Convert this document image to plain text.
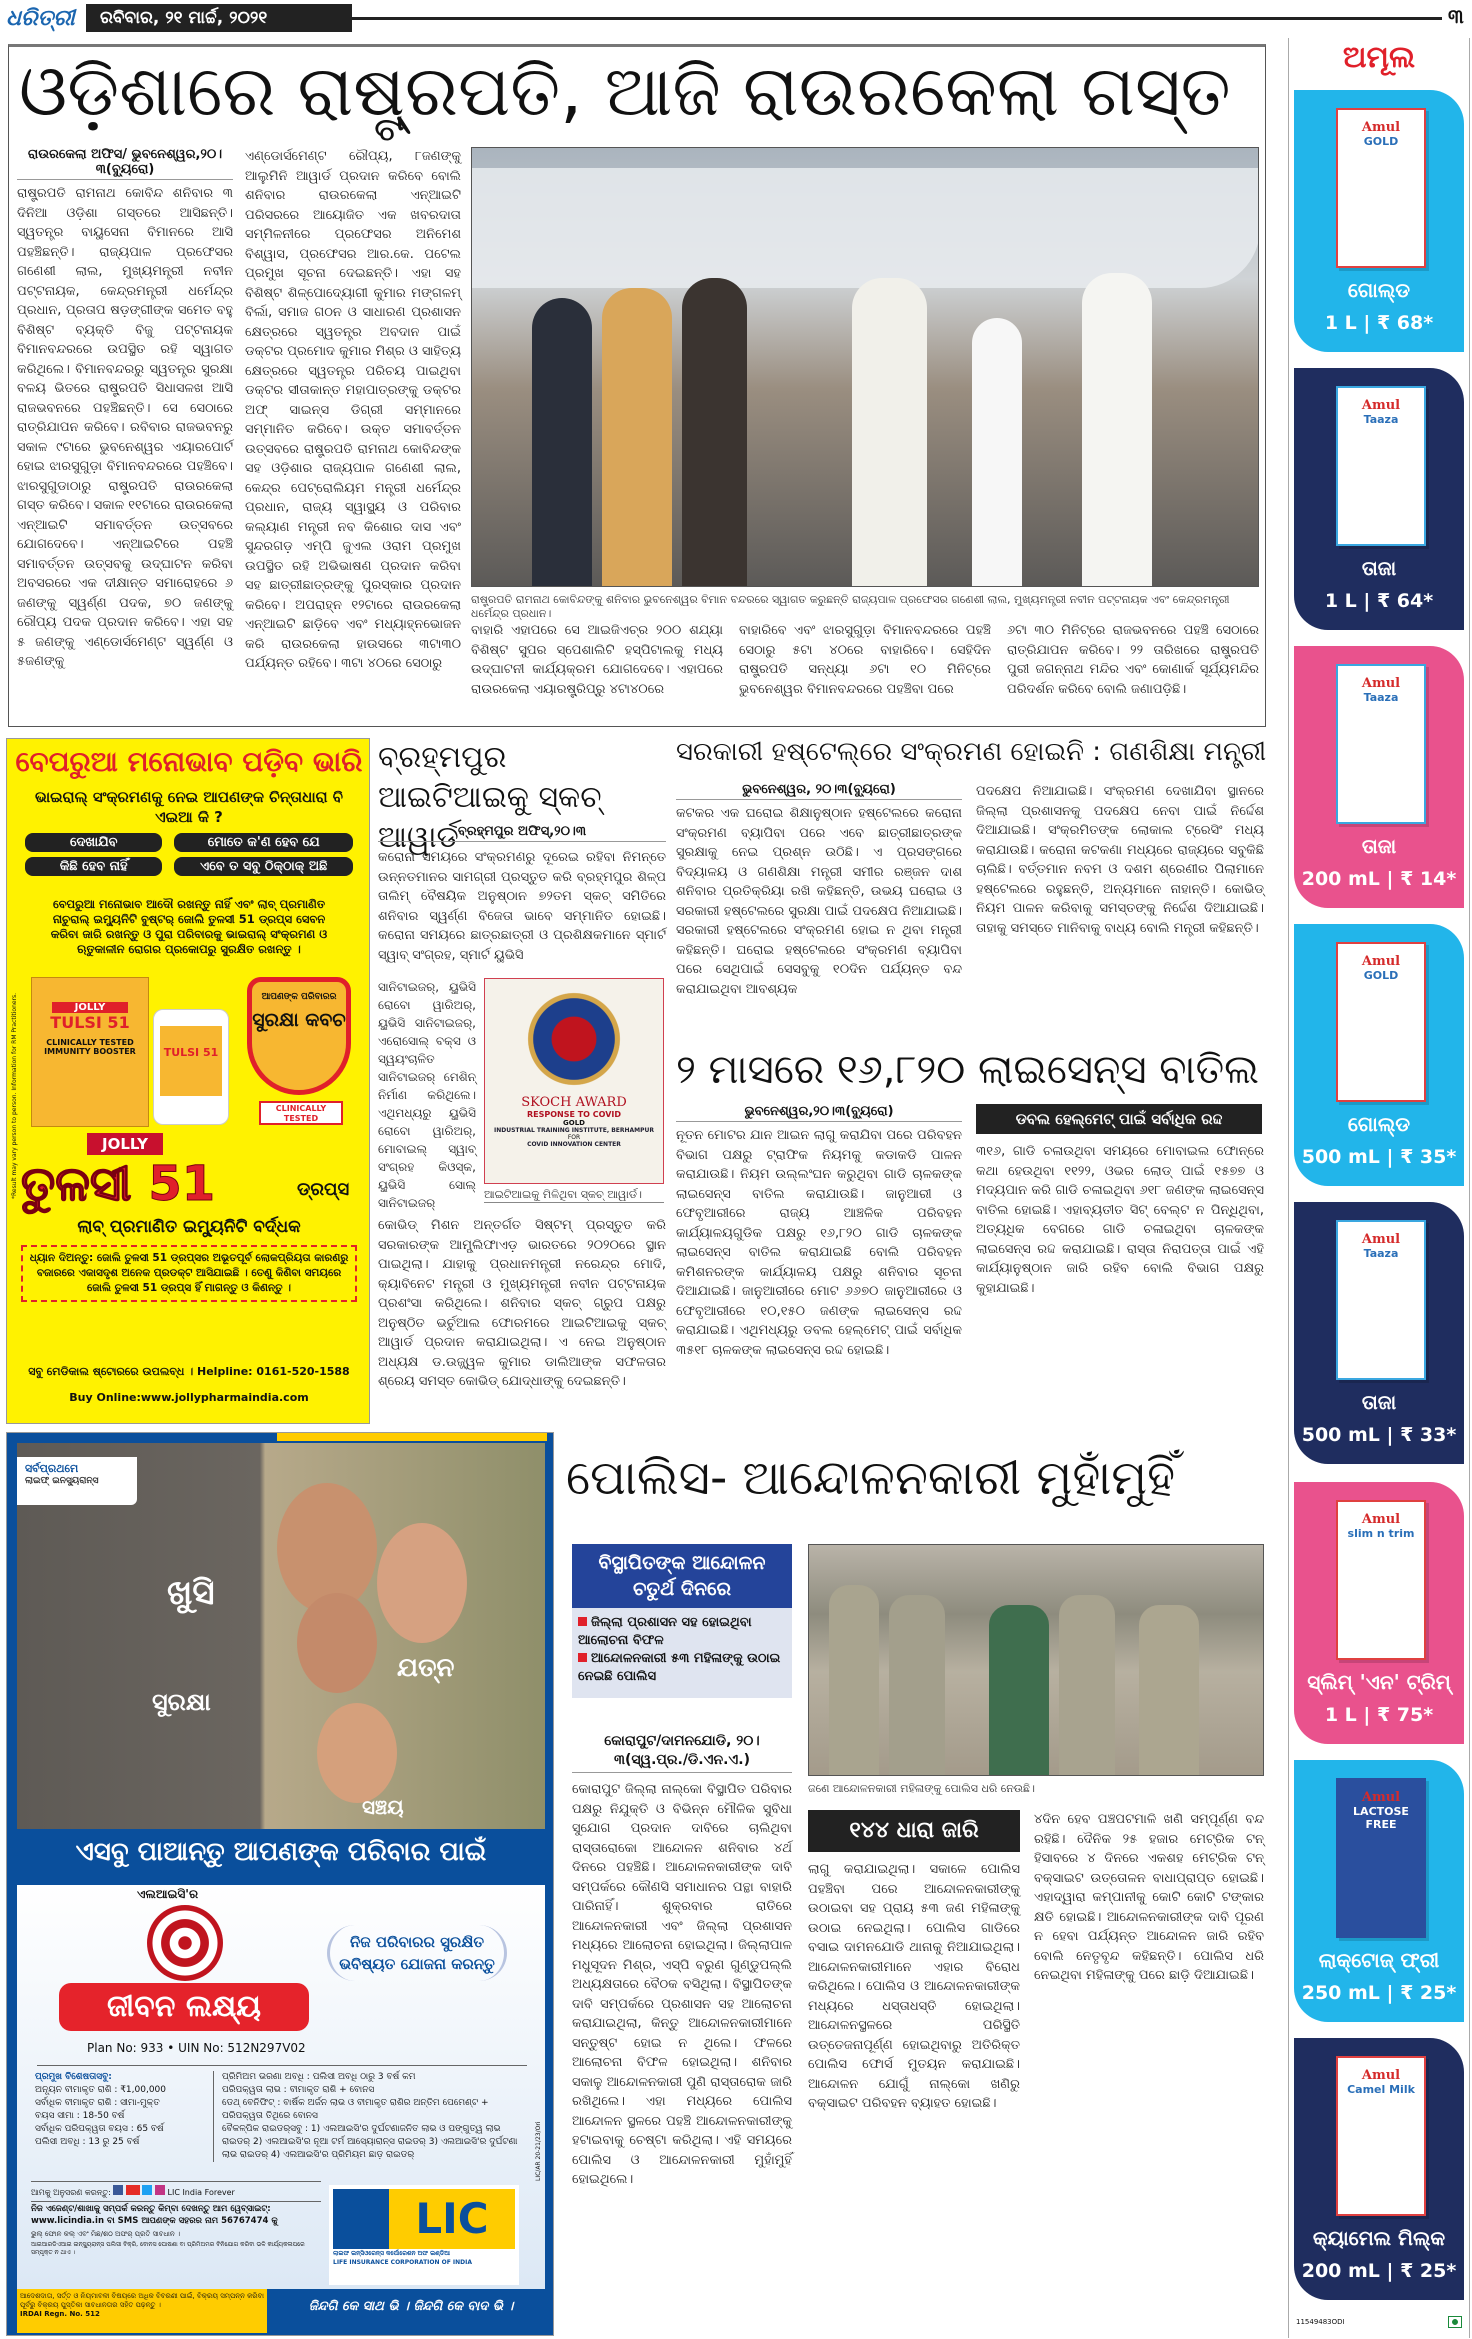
ଧରିତ୍ରୀ	ରବିବାର, ୨୧ ମାର୍ଚ୍ଚ, ୨୦୨୧	୩
ଓଡ଼ିଶାରେ ରାଷ୍ଟ୍ରପତି, ଆଜି ରାଉରକେଲା ଗସ୍ତ
ରାଉରକେଲା ଅଫିସ/ ଭୁବନେଶ୍ୱର,୨୦।୩(ବ୍ୟୁରୋ)
ରାଷ୍ଟ୍ରପତି ରାମନାଥ କୋବିନ୍ଦ ଶନିବାର ୩ ଦିନିଆ ଓଡ଼ିଶା ଗସ୍ତରେ ଆସିଛନ୍ତି। ସ୍ୱତନ୍ତ୍ର ବାୟୁସେନା ବିମାନରେ ଆସି ପହଞ୍ଚିଛନ୍ତି। ରାଜ୍ୟପାଳ ପ୍ରଫେସର ଗଣେଶୀ ଲାଲ, ମୁଖ୍ୟମନ୍ତ୍ରୀ ନବୀନ ପଟ୍ଟନାୟକ, କେନ୍ଦ୍ରମନ୍ତ୍ରୀ ଧର୍ମେନ୍ଦ୍ର ପ୍ରଧାନ, ପ୍ରତାପ ଷଡ଼ଙ୍ଗୀଙ୍କ ସମେତ ବହୁ ବିଶିଷ୍ଟ ବ୍ୟକ୍ତି ବିଜୁ ପଟ୍ଟନାୟକ ବିମାନବନ୍ଦରରେ ଉପସ୍ଥିତ ରହି ସ୍ୱାଗତ କରିଥିଲେ। ବିମାନବନ୍ଦରରୁ ସ୍ୱତନ୍ତ୍ର ସୁରକ୍ଷା ବଳୟ ଭିତରେ ରାଷ୍ଟ୍ରପତି ସିଧାସଳଖ ଆସି ରାଜଭବନରେ ପହଞ୍ଚିଛନ୍ତି। ସେ ସେଠାରେ ରାତ୍ରିଯାପନ କରିବେ। ରବିବାର ରାଜଭବନରୁ ସକାଳ ୯ଟାରେ ଭୁବନେଶ୍ୱର ଏୟାରପୋର୍ଟ ହୋଇ ଝାରସୁଗୁଡ଼ା ବିମାନବନ୍ଦରରେ ପହଞ୍ଚିବେ। ଝାରସୁଗୁଡାଠାରୁ ରାଷ୍ଟ୍ରପତି ରାଉରକେଲା ଗସ୍ତ କରିବେ। ସକାଳ ୧୧ଟାରେ ରାଉରକେଲା ଏନ୍ଆଇଟି ସମାବର୍ତ୍ତନ ଉତ୍ସବରେ ଯୋଗଦେବେ। ଏନ୍ଆଇଟିରେ ପହଞ୍ଚି ସମାବର୍ତ୍ତନ ଉତ୍ସବକୁ ଉଦ୍‌ଘାଟନ କରିବା ଅବସରରେ ଏକ ଦୀକ୍ଷାନ୍ତ ସମାରୋହରେ ୬ ଜଣଙ୍କୁ ସ୍ୱର୍ଣ୍ଣ ପଦକ, ୭୦ ଜଣଙ୍କୁ ରୌପ୍ୟ ପଦକ ପ୍ରଦାନ କରିବେ। ଏହା ସହ ୫ ଜଣଙ୍କୁ ଏଣ୍ଡୋର୍ସମେଣ୍ଟ ସ୍ୱର୍ଣ୍ଣ ଓ ୫ଜଣଙ୍କୁ
ଏଣ୍ଡୋର୍ସମେଣ୍ଟ ରୌପ୍ୟ, ୮ଜଣଙ୍କୁ ଆଲୁମିନି ଆୱାର୍ଡ ପ୍ରଦାନ କରିବେ ବୋଲି ଶନିବାର ରାଉରକେଲା ଏନ୍ଆଇଟି ପରିସରରେ ଆୟୋଜିତ ଏକ ଖବରଦାତା ସମ୍ମିଳନୀରେ ପ୍ରଫେସର ଅନିମେଶ ବିଶ୍ୱାସ, ପ୍ରଫେସର ଆର.କେ. ପଟେଲ ପ୍ରମୁଖ ସୂଚନା ଦେଇଛନ୍ତି। ଏହା ସହ ବିଶିଷ୍ଟ ଶିଳ୍ପୋଦ୍ୟୋଗୀ କୁମାର ମଙ୍ଗଳମ୍ ବିର୍ଲା, ସମାଜ ଗଠନ ଓ ସାଧାରଣ ପ୍ରଶାସନ କ୍ଷେତ୍ରରେ ସ୍ୱତନ୍ତ୍ର ଅବଦାନ ପାଇଁ ଡକ୍ଟର ପ୍ରମୋଦ କୁମାର ମିଶ୍ର ଓ ସାହିତ୍ୟ କ୍ଷେତ୍ରରେ ସ୍ୱତନ୍ତ୍ର ପରିଚୟ ପାଇଥିବା ଡକ୍ଟର ସୀତାକାନ୍ତ ମହାପାତ୍ରଙ୍କୁ ଡକ୍ଟର ଅଫ୍ ସାଇନ୍ସ ଡିଗ୍ରୀ ସମ୍ମାନରେ ସମ୍ମାନିତ କରିବେ। ଉକ୍ତ ସମାବର୍ତ୍ତନ ଉତ୍ସବରେ ରାଷ୍ଟ୍ରପତି ରାମନାଥ କୋବିନ୍ଦଙ୍କ ସହ ଓଡ଼ିଶାର ରାଜ୍ୟପାଳ ଗଣେଶୀ ଲାଲ, କେନ୍ଦ୍ର ପେଟ୍ରୋଲିୟମ ମନ୍ତ୍ରୀ ଧର୍ମେନ୍ଦ୍ର ପ୍ରଧାନ, ରାଜ୍ୟ ସ୍ୱାସ୍ଥ୍ୟ ଓ ପରିବାର କଲ୍ୟାଣ ମନ୍ତ୍ରୀ ନବ କିଶୋର ଦାସ ଏବଂ ସୁନ୍ଦରଗଡ଼ ଏମ୍‌ପି ଜୁଏଲ ଓରାମ ପ୍ରମୁଖ ଉପସ୍ଥିତ ରହି ଅଭିଭାଷଣ ପ୍ରଦାନ କରିବା ସହ ଛାତ୍ରୀଛାତ୍ରଙ୍କୁ ପୁରସ୍କାର ପ୍ରଦାନ କରିବେ। ଅପରାହ୍ନ ୧୨ଟାରେ ରାଉରକେଲା ଏନ୍ଆଇଟି ଛାଡ଼ିବେ ଏବଂ ମଧ୍ୟାହ୍ନଭୋଜନ କରି ରାଉରକେଲା ହାଉସରେ ୩ଟା୩୦ ପର୍ଯ୍ୟନ୍ତ ରହିବେ। ୩ଟା ୪୦ରେ ସେଠାରୁ
ରାଷ୍ଟ୍ରପତି ରାମନାଥ କୋବିନ୍ଦଙ୍କୁ ଶନିବାର ଭୁବନେଶ୍ୱର ବିମାନ ବନ୍ଦରରେ ସ୍ୱାଗତ କରୁଛନ୍ତି ରାଜ୍ୟପାଳ ପ୍ରଫେସର ଗଣେଶୀ ଲାଲ, ମୁଖ୍ୟମନ୍ତ୍ରୀ ନବୀନ ପଟ୍ଟନାୟକ ଏବଂ କେନ୍ଦ୍ରମନ୍ତ୍ରୀ ଧର୍ମେନ୍ଦ୍ର ପ୍ରଧାନ।
ବାହାରି ଏହାପରେ ସେ ଆଇଜିଏଚ୍‌ର ୨୦୦ ଶଯ୍ୟା ବିଶିଷ୍ଟ ସୁପର ସ୍ପେଶାଲିଟି ହସ୍ପିଟାଲକୁ ମଧ୍ୟ ଉଦ୍‌ଘାଟନୀ କାର୍ଯ୍ୟକ୍ରମ ଯୋଗଦେବେ। ଏହାପରେ ରାଉରକେଲା ଏୟାରଷ୍ଟ୍ରିପ୍‌ରୁ ୪ଟା୪୦ରେ
ବାହାରିବେ ଏବଂ ଝାରସୁଗୁଡ଼ା ବିମାନବନ୍ଦରରେ ପହଞ୍ଚି ସେଠାରୁ ୫ଟା ୪୦ରେ ବାହାରିବେ। ସେହିଦିନ ରାଷ୍ଟ୍ରପତି ସନ୍ଧ୍ୟା ୬ଟା ୧୦ ମିନିଟ୍‌ରେ ଭୁବନେଶ୍ୱର ବିମାନବନ୍ଦରରେ ପହଞ୍ଚିବା ପରେ
୬ଟା ୩୦ ମିନିଟ୍‌ରେ ରାଜଭବନରେ ପହଞ୍ଚି ସେଠାରେ ରାତ୍ରିଯାପନ କରିବେ। ୨୨ ତାରିଖରେ ରାଷ୍ଟ୍ରପତି ପୁରୀ ଜଗନ୍ନାଥ ମନ୍ଦିର ଏବଂ କୋଣାର୍କ ସୂର୍ଯ୍ୟମନ୍ଦିର ପରିଦର୍ଶନ କରିବେ ବୋଲି ଜଣାପଡ଼ିଛି।
ବେପରୁଆ ମନୋଭାବ ପଡ଼ିବ ଭାରି
ଭାଇରାଲ୍ ସଂକ୍ରମଣକୁ ନେଇ ଆପଣଙ୍କ ଚିନ୍ତାଧାରା ବି ଏଇଆ କି ?
ଦେଖାଯିବ	ମୋତେ କ'ଣ ହେବ ଯେ
କିଛି ହେବ ନାହିଁ	ଏବେ ତ ସବୁ ଠିକ୍‌ଠାକ୍ ଅଛି
ବେପରୁଆ ମନୋଭାବ ଆଦୌ ରଖନ୍ତୁ ନାହିଁ ଏବଂ ଲାବ୍ ପ୍ରମାଣିତ ନାଚୁରାଲ୍ ଇମ୍ୟୁନିଟି ବୁଷ୍ଟର୍ ଜୋଲି ତୁଳସୀ 51 ଡ୍ରପ୍ସ ସେବନ କରିବା ଜାରି ରଖନ୍ତୁ ଓ ପୁରା ପରିବାରକୁ ଭାଇରାଲ୍ ସଂକ୍ରମଣ ଓ ଋତୁକାଳୀନ ରୋଗର ପ୍ରକୋପରୁ ସୁରକ୍ଷିତ ରଖନ୍ତୁ ।
JOLLY
TULSI 51
CLINICALLY TESTED IMMUNITY BOOSTER	TULSI 51
ଆପଣଙ୍କ ପରିବାରର
ସୁରକ୍ଷା କବଚ
CLINICALLY TESTED
JOLLY
ତୁଳସୀ 51	ଡ୍ରପ୍ସ
ଲାବ୍ ପ୍ରମାଣିତ ଇମ୍ୟୁନିଟି ବର୍ଦ୍ଧକ
ଧ୍ୟାନ ଦିଅନ୍ତୁ: ଜୋଲି ତୁଳସୀ 51 ଡ୍ରପ୍ସର ଅଭୂତପୂର୍ବ ଲୋକପ୍ରିୟତା କାରଣରୁ ବଜାରରେ ଏକାସଦୃଶ ଅନେକ ପ୍ରଡକ୍ଟ ଆସିଯାଇଛି । ତେଣୁ କିଣିବା ସମୟରେ ଜୋଲି ତୁଳସୀ 51 ଡ୍ରପ୍ସ ହିଁ ମାଗନ୍ତୁ ଓ କିଣନ୍ତୁ ।
ସବୁ ମେଡିକାଲ ଷ୍ଟୋରରେ ଉପଲବ୍ଧ । Helpline: 0161-520-1588
Buy Online:www.jollypharmaindia.com
*Result may vary person to person. Information for RM Practitioners.
ବ୍ରହ୍ମପୁର ଆଇଟିଆଇକୁ ସ୍କଚ୍ ଆୱାର୍ଡ ବ୍ରହ୍ମପୁର ଅଫିସ୍,୨୦।୩
କରୋନା ସମୟରେ ସଂକ୍ରମଣରୁ ଦୂରେଇ ରହିବା ନିମନ୍ତେ ଉନ୍ନତମାନର ସାମଗ୍ରୀ ପ୍ରସ୍ତୁତ କରି ବ୍ରହ୍ମପୁର ଶିଳ୍ପ ତାଲିମ୍ ବୈଷୟିକ ଅନୁଷ୍ଠାନ ୭୨ତମ ସ୍କଚ୍ ସମିତିରେ ଶନିବାର ସ୍ୱର୍ଣ୍ଣ ବିଜେତା ଭାବେ ସମ୍ମାନିତ ହୋଇଛି। କରୋନା ସମୟରେ ଛାତ୍ରଛାତ୍ରୀ ଓ ପ୍ରଶିକ୍ଷକମାନେ ସ୍ମାର୍ଟ ସ୍ୱାବ୍ ସଂଗ୍ରହ, ସ୍ମାର୍ଟ ୟୁଭିସି
ସାନିଟାଇଜର୍, ୟୁଭିସି ରୋବୋ ୱାରିଅର୍, ୟୁଭିସି ସାନିଟାଇଜର୍, ଏରୋସୋଲ୍ ବକ୍ସ ଓ ସ୍ୱୟଂଚାଳିତ ସାନିଟାଇଜର୍ ମେଶିନ୍ ନିର୍ମାଣ କରିଥିଲେ। ଏଥିମଧ୍ୟରୁ ୟୁଭିସି ରୋବୋ ୱାରିଅର୍, ମୋବାଇଲ୍ ସ୍ୱାବ୍ ସଂଗ୍ରହ କିଓସ୍କ, ୟୁଭିସି ସୋଲ୍ ସାନିଟାଇଜର୍
SKOCH AWARD
RESPONSE TO COVID
GOLD
INDUSTRIAL TRAINING INSTITUTE, BERHAMPUR
FOR
COVID INNOVATION CENTER
ଆଇଟିଆଇକୁ ମିଳିଥିବା ସ୍କଚ୍ ଆୱାର୍ଡ।
କୋଭିଡ୍ ମିଶନ ଅନ୍ତର୍ଗତ ସିଷ୍ଟମ୍ ପ୍ରସ୍ତୁତ କରି ସରକାରଙ୍କ ଆମ୍ପ୍ଲିଫାଏଡ଼ ଭାରତରେ ୨୦୨୦ରେ ସ୍ଥାନ ପାଇଥିଲା। ଯାହାକୁ ପ୍ରଧାନମନ୍ତ୍ରୀ ନରେନ୍ଦ୍ର ମୋଦି, କ୍ୟାବିନେଟ ମନ୍ତ୍ରୀ ଓ ମୁଖ୍ୟମନ୍ତ୍ରୀ ନବୀନ ପଟ୍ଟନାୟକ ପ୍ରଶଂସା କରିଥିଲେ। ଶନିବାର ସ୍କଚ୍ ଗ୍ରୁପ ପକ୍ଷରୁ ଅନୁଷ୍ଠିତ ଭର୍ଚୁଆଲ ଫୋରମରେ ଆଇଟିଆଇକୁ ସ୍କଚ୍ ଆୱାର୍ଡ ପ୍ରଦାନ କରାଯାଇଥିଲା। ଏ ନେଇ ଅନୁଷ୍ଠାନ ଅଧ୍ୟକ୍ଷ ଡ.ଉଜ୍ଜ୍ୱଳ କୁମାର ଡାଲିଆଙ୍କ ସଫଳତାର ଶ୍ରେୟ ସମସ୍ତ କୋଭିଡ୍ ଯୋଦ୍ଧାଙ୍କୁ ଦେଇଛନ୍ତି।
ସରକାରୀ ହଷ୍ଟେଲ୍‌ରେ ସଂକ୍ରମଣ ହୋଇନି : ଗଣଶିକ୍ଷା ମନ୍ତ୍ରୀ
ଭୁବନେଶ୍ୱର, ୨୦।୩(ବ୍ୟୁରୋ)
କଟକର ଏକ ଘରୋଇ ଶିକ୍ଷାନୁଷ୍ଠାନ ହଷ୍ଟେଲରେ କରୋନା ସଂକ୍ରମଣ ବ୍ୟାପିବା ପରେ ଏବେ ଛାତ୍ରୀଛାତ୍ରଙ୍କ ସୁରକ୍ଷାକୁ ନେଇ ପ୍ରଶ୍ନ ଉଠିଛି। ଏ ପ୍ରସଙ୍ଗରେ ବିଦ୍ୟାଳୟ ଓ ଗଣଶିକ୍ଷା ମନ୍ତ୍ରୀ ସମୀର ରଞ୍ଜନ ଦାଶ ଶନିବାର ପ୍ରତିକ୍ରିୟା ରଖି କହିଛନ୍ତି, ଉଭୟ ଘରୋଇ ଓ ସରକାରୀ ହଷ୍ଟେଲରେ ସୁରକ୍ଷା ପାଇଁ ପଦକ୍ଷେପ ନିଆଯାଇଛି। ସରକାରୀ ହଷ୍ଟେଲରେ ସଂକ୍ରମଣ ହୋଇ ନ ଥିବା ମନ୍ତ୍ରୀ କହିଛନ୍ତି। ଘରୋଇ ହଷ୍ଟେଲରେ ସଂକ୍ରମଣ ବ୍ୟାପିବା ପରେ ସେଥିପାଇଁ ସେସବୁକୁ ୧୦ଦିନ ପର୍ଯ୍ୟନ୍ତ ବନ୍ଦ କରାଯାଇଥିବା ଆବଶ୍ୟକ
ପଦକ୍ଷେପ ନିଆଯାଇଛି। ସଂକ୍ରମଣ ଦେଖାଯିବା ସ୍ଥାନରେ ଜିଲ୍ଲା ପ୍ରଶାସନକୁ ପଦକ୍ଷେପ ନେବା ପାଇଁ ନିର୍ଦ୍ଦେଶ ଦିଆଯାଇଛି। ସଂକ୍ରମିତଙ୍କ ଲୋକାଲ ଟ୍ରେସିଂ ମଧ୍ୟ କରାଯାଉଛି। କରୋନା କଟକଣା ମଧ୍ୟରେ ରାଜ୍ୟରେ ସବୁକିଛି ଚାଲିଛି। ବର୍ତ୍ତମାନ ନବମ ଓ ଦଶମ ଶ୍ରେଣୀର ପିଲାମାନେ ହଷ୍ଟେଲରେ ରହୁଛନ୍ତି, ଅନ୍ୟମାନେ ନାହାନ୍ତି। କୋଭିଡ୍ ନିୟମ ପାଳନ କରିବାକୁ ସମସ୍ତଙ୍କୁ ନିର୍ଦ୍ଦେଶ ଦିଆଯାଇଛି। ତାହାକୁ ସମସ୍ତେ ମାନିବାକୁ ବାଧ୍ୟ ବୋଲି ମନ୍ତ୍ରୀ କହିଛନ୍ତି।
୨ ମାସରେ ୧୬,୮୨୦ ଲାଇସେନ୍ସ ବାତିଲ
ଭୁବନେଶ୍ୱର,୨୦।୩(ବ୍ୟୁରୋ)
ନୂତନ ମୋଟର ଯାନ ଆଇନ ଲାଗୁ କରାଯିବା ପରେ ପରିବହନ ବିଭାଗ ପକ୍ଷରୁ ଟ୍ରାଫିକ ନିୟମକୁ କଡାକଡି ପାଳନ କରାଯାଉଛି। ନିୟମ ଉଲ୍ଲଂଘନ କରୁଥିବା ଗାଡି ଚାଳକଙ୍କ ଲାଇସେନ୍ସ ବାତିଲ କରାଯାଉଛି। ଜାନୁଆରୀ ଓ ଫେବୃଆରୀରେ ରାଜ୍ୟ ଆଞ୍ଚଳିକ ପରିବହନ କାର୍ଯ୍ୟାଳୟଗୁଡିକ ପକ୍ଷରୁ ୧୬,୮୨୦ ଗାଡି ଚାଳକଙ୍କ ଲାଇସେନ୍ସ ବାତିଲ କରାଯାଇଛି ବୋଲି ପରିବହନ କମିଶନରଙ୍କ କାର୍ଯ୍ୟାଳୟ ପକ୍ଷରୁ ଶନିବାର ସୂଚନା ଦିଆଯାଇଛି। ଜାନୁଆରୀରେ ମୋଟ ୬୬୭୦ ଜାନୁଆରୀରେ ଓ ଫେବୃଆରୀରେ ୧୦,୧୫୦ ଜଣଙ୍କ ଲାଇସେନ୍ସ ରଦ୍ଦ କରାଯାଇଛି। ଏଥିମଧ୍ୟରୁ ଡବଲ ହେଲ୍‌ମେଟ୍ ପାଇଁ ସର୍ବାଧିକ ୩୫୧୮ ଚାଳକଙ୍କ ଲାଇସେନ୍ସ ରଦ୍ଦ ହୋଇଛି।
ଡବଲ ହେଲ୍‌ମେଟ୍ ପାଇଁ ସର୍ବାଧିକ ରଦ୍ଦ
୩୧୬, ଗାଡି ଚଳାଉଥିବା ସମୟରେ ମୋବାଇଲ ଫୋନ୍‌ରେ କଥା ହେଉଥିବା ୧୧୨୨, ଓଭର ଲୋଡ୍ ପାଇଁ ୧୫୭୭ ଓ ମଦ୍ୟପାନ କରି ଗାଡି ଚଳାଇଥିବା ୬୧୮ ଜଣଙ୍କ ଲାଇସେନ୍ସ ବାତିଲ ହୋଇଛି। ଏହାବ୍ୟତୀତ ସିଟ୍ ବେଲ୍ଟ ନ ପିନ୍ଧିଥିବା, ଅତ୍ୟଧିକ ବେଗରେ ଗାଡି ଚଳାଇଥିବା ଚାଳକଙ୍କ ଲାଇସେନ୍ସ ରଦ୍ଦ କରାଯାଇଛି। ରାସ୍ତା ନିରାପତ୍ତା ପାଇଁ ଏହି କାର୍ଯ୍ୟାନୁଷ୍ଠାନ ଜାରି ରହିବ ବୋଲି ବିଭାଗ ପକ୍ଷରୁ କୁହାଯାଇଛି।
ସର୍ବପ୍ରଥମେ
ଲାଇଫ୍ ଇନସ୍ୟୁରାନ୍ସ
ଖୁସି
ଯତ୍ନ
ସୁରକ୍ଷା
ସଞ୍ଚୟ
ଏସବୁ ପାଆନ୍ତୁ ଆପଣଙ୍କ ପରିବାର ପାଇଁ
ଏଲଆଇସି'ର
ଜୀବନ ଲକ୍ଷ୍ୟ
ନିଜ ପରିବାରର ସୁରକ୍ଷିତ ଭବିଷ୍ୟତ ଯୋଜନା କରନ୍ତୁ
Plan No: 933 • UIN No: 512N297V02
ପ୍ରମୁଖ ବିଶେଷତାସବୁ:
ଅନ୍ୟୂନ ବୀମାକୃତ ରାଶି : ₹1,00,000
ସର୍ବାଧିକ ବୀମାକୃତ ରାଶି : ସୀମା-ମୁକ୍ତ
ବୟସ ସୀମା : 18-50 ବର୍ଷ
ସର୍ବାଧିକ ପରିପକ୍ୱତା ବୟସ : 65 ବର୍ଷ
ପଲିସୀ ଅବଧି : 13 ରୁ 25 ବର୍ଷ
ପ୍ରିମିଅମ ଭରଣା ଅବଧି : ପଲିସୀ ଅବଧି ଠାରୁ 3 ବର୍ଷ କମ
ପରିପକ୍ୱତା ଲାଭ : ବୀମାକୃତ ରାଶି + ବୋନସ
ଡେଥ୍ ବେନିଫିଟ୍ : ବାର୍ଷିକ ଅର୍ଜନ ଲାଭ ଓ ବୀମାକୃତ ରାଶିର ଅନ୍ତିମ ପେମେଣ୍ଟ + ପରିପକ୍ୱତା ତିଥିରେ ବୋନସ
ବୈକଳ୍ପିକ ରାଇଡର୍‌ସବୁ : 1) ଏଲଆଇସି'ର ଦୁର୍ଘଟଣାଜନିତ ଲାଭ ଓ ପଙ୍ଗୁତ୍ୱ ଲାଭ ରାଇଡର୍ 2) ଏଲଆଇସି'ର ନୂଆ ଟର୍ମ ଆସ୍ୟୋରାନ୍ସ ରାଇଡର୍ 3) ଏଲଆଇସି'ର ଦୁର୍ଘଟଣା ଲାଭ ରାଇଡର୍ 4) ଏଲଆଇସି'ର ପ୍ରିମିୟମ ଛାଡ଼ ରାଇଡର୍
ଆମକୁ ଅନୁସରଣ କରନ୍ତୁ:	LIC India Forever
ନିଜ ଏଜେଣ୍ଟ/ଶାଖାକୁ ସମ୍ପର୍କ କରନ୍ତୁ କିମ୍ବା ଦେଖନ୍ତୁ ଆମ ୱେବ୍‌ସାଇଟ୍: www.licindia.in ବା SMS ଆପଣଙ୍କ ସହରର ନାମ 56767474 କୁ
ଭୁଲ୍ ଫୋନ କଲ୍ ଏବଂ ମିଛ/ଶଠ ଅଫର୍ ପ୍ରତି ସାବଧାନ ।
ଆଇଆରଡିଏଆଇ ଇନ୍ସ୍ୟୁରାନ୍ସ ପଲିସୀ ବିକ୍ରି, ବୋନସ ଘୋଷଣା ବା ପ୍ରିମିଅମର ବିନିଯୋଗ କରିବା ଭଳି କାର୍ଯ୍ୟକଳାପରେ ସମ୍ପୃକ୍ତ ନ ଥାଏ ।
LIC
ଲାଇଫ ଇନ୍‌ସିଓରେନ୍ସ କର୍ପୋରେଶନ ଅଫ ଇଣ୍ଡିଆ
LIFE INSURANCE CORPORATION OF INDIA
LIC/AR 20-21/23/Ori
ଆଦେଶଦାତା, ସର୍ତ୍ତ ଓ ନିୟମାବଳୀ ବିଷୟରେ ଅଧିକ ବିବରଣୀ ପାଇଁ, ବିକ୍ରୟ ସମ୍ପନ୍ନ କରିବା ପୂର୍ବରୁ ବିକ୍ରୟ ପୁସ୍ତିକା ସାବଧାନତାର ସହିତ ପଢ଼ନ୍ତୁ ।
IRDAI Regn. No. 512	ଜିନ୍ଦଗି କେ ସାଥ ଭି । ଜିନ୍ଦଗି କେ ବାଦ ଭି ।
ପୋଲିସ- ଆନ୍ଦୋଳନକାରୀ ମୁହାଁମୁହିଁ
ବିସ୍ଥାପିତଙ୍କ ଆନ୍ଦୋଳନ ଚତୁର୍ଥ ଦିନରେ
ଜିଲ୍ଲା ପ୍ରଶାସନ ସହ ହୋଇଥିବା ଆଲୋଚନା ବିଫଳ
ଆନ୍ଦୋଳନକାରୀ ୫୩ ମହିଳାଙ୍କୁ ଉଠାଇ ନେଇଛି ପୋଲିସ
କୋରାପୁଟ/ଦାମନଯୋଡି, ୨୦।୩(ସ୍ୱ.ପ୍ର./ଡି.ଏନ.ଏ.)
କୋରାପୁଟ ଜିଲ୍ଲା ନାଲ୍‌କୋ ବିସ୍ଥାପିତ ପରିବାର ପକ୍ଷରୁ ନିଯୁକ୍ତି ଓ ବିଭିନ୍ନ ମୌଳିକ ସୁବିଧା ସୁଯୋଗ ପ୍ରଦାନ ଦାବିରେ ଚାଲିଥିବା ରାସ୍ତାରୋକୋ ଆନ୍ଦୋଳନ ଶନିବାର ୪ର୍ଥ ଦିନରେ ପହଞ୍ଚିଛି। ଆନ୍ଦୋଳନକାରୀଙ୍କ ଦାବି ସମ୍ପର୍କରେ କୌଣସି ସମାଧାନର ପନ୍ଥା ବାହାରି ପାରିନାହିଁ। ଶୁକ୍ରବାର ରାତିରେ ଆନ୍ଦୋଳନକାରୀ ଏବଂ ଜିଲ୍ଲା ପ୍ରଶାସନ ମଧ୍ୟରେ ଆଲୋଚନା ହୋଇଥିଲା। ଜିଲ୍ଲାପାଳ ମଧୁସୂଦନ ମିଶ୍ର, ଏସ୍‌ପି ବରୁଣ ଗୁଣ୍ଡୁପଲ୍ଲି ଅଧ୍ୟକ୍ଷତାରେ ବୈଠକ ବସିଥିଲା। ବିସ୍ଥାପିତଙ୍କ ଦାବି ସମ୍ପର୍କରେ ପ୍ରଶାସନ ସହ ଆଲୋଚନା କରାଯାଇଥିଲା, କିନ୍ତୁ ଆନ୍ଦୋଳନକାରୀମାନେ ସନ୍ତୁଷ୍ଟ ହୋଇ ନ ଥିଲେ। ଫଳରେ ଆଲୋଚନା ବିଫଳ ହୋଇଥିଲା। ଶନିବାର ସକାଳୁ ଆନ୍ଦୋଳନକାରୀ ପୁଣି ରାସ୍ତାରୋକ ଜାରି ରଖିଥିଲେ। ଏହା ମଧ୍ୟରେ ପୋଲିସ ଆନ୍ଦୋଳନ ସ୍ଥଳରେ ପହଞ୍ଚି ଆନ୍ଦୋଳନକାରୀଙ୍କୁ ହଟାଇବାକୁ ଚେଷ୍ଟା କରିଥିଲା। ଏହି ସମୟରେ ପୋଲିସ ଓ ଆନ୍ଦୋଳନକାରୀ ମୁହାଁମୁହିଁ ହୋଇଥିଲେ।
ଜଣେ ଆନ୍ଦୋଳନକାରୀ ମହିଳାଙ୍କୁ ପୋଲିସ ଧରି ନେଉଛି।
୧୪୪ ଧାରା ଜାରି
ଲାଗୁ କରାଯାଇଥିଲା। ସକାଳେ ପୋଲିସ ପହଞ୍ଚିବା ପରେ ଆନ୍ଦୋଳନକାରୀଙ୍କୁ ଉଠାଇବା ସହ ପ୍ରାୟ ୫୩ ଜଣ ମହିଳାଙ୍କୁ ଉଠାଇ ନେଇଥିଲା। ପୋଲିସ ଗାଡିରେ ବସାଇ ଦାମନଯୋଡି ଥାନାକୁ ନିଆଯାଇଥିଲା। ଆନ୍ଦୋଳନକାରୀମାନେ ଏହାର ବିରୋଧ କରିଥିଲେ। ପୋଲିସ ଓ ଆନ୍ଦୋଳନକାରୀଙ୍କ ମଧ୍ୟରେ ଧସ୍ତାଧସ୍ତି ହୋଇଥିଲା। ଆନ୍ଦୋଳନସ୍ଥଳରେ ପରିସ୍ଥିତି ଉତ୍ତେଜନାପୂର୍ଣ୍ଣ ହୋଇଥିବାରୁ ଅତିରିକ୍ତ ପୋଲିସ ଫୋର୍ସ ମୁତୟନ କରାଯାଇଛି। ଆନ୍ଦୋଳନ ଯୋଗୁଁ ନାଲ୍‌କୋ ଖଣିରୁ ବକ୍ସାଇଟ ପରିବହନ ବ୍ୟାହତ ହୋଇଛି।
୪ଦିନ ହେବ ପଞ୍ଚପଟମାଳି ଖଣି ସମ୍ପୂର୍ଣ୍ଣ ବନ୍ଦ ରହିଛି। ଦୈନିକ ୨୫ ହଜାର ମେଟ୍ରିକ ଟନ୍ ହିସାବରେ ୪ ଦିନରେ ଏକଶହ ମେଟ୍ରିକ ଟନ୍ ବକ୍ସାଇଟ ଉତ୍ତୋଳନ ବାଧାପ୍ରାପ୍ତ ହୋଇଛି। ଏହାଦ୍ୱାରା କମ୍ପାନୀକୁ କୋଟି କୋଟି ଟଙ୍କାର କ୍ଷତି ହୋଇଛି। ଆନ୍ଦୋଳନକାରୀଙ୍କ ଦାବି ପୂରଣ ନ ହେବା ପର୍ଯ୍ୟନ୍ତ ଆନ୍ଦୋଳନ ଜାରି ରହିବ ବୋଲି ନେତୃବୃନ୍ଦ କହିଛନ୍ତି। ପୋଲିସ ଧରି ନେଇଥିବା ମହିଳାଙ୍କୁ ପରେ ଛାଡ଼ି ଦିଆଯାଇଛି।
ଅମୂଲ
Amul
GOLD
ଗୋଲ୍ଡ
1 L | ₹ 68*
Amul
Taaza
ତାଜା
1 L | ₹ 64*
Amul
Taaza
ତାଜା
200 mL | ₹ 14*
Amul
GOLD
ଗୋଲ୍ଡ
500 mL | ₹ 35*
Amul
Taaza
ତାଜା
500 mL | ₹ 33*
Amul
slim n trim
ସ୍ଲିମ୍ 'ଏନ' ଟ୍ରିମ୍
1 L | ₹ 75*
Amul
LACTOSE FREE
ଲାକ୍‌ଟୋଜ୍ ଫ୍ରୀ
250 mL | ₹ 25*
Amul
Camel Milk
କ୍ୟାମେଲ ମିଲ୍କ
200 mL | ₹ 25*
11549483ODI
